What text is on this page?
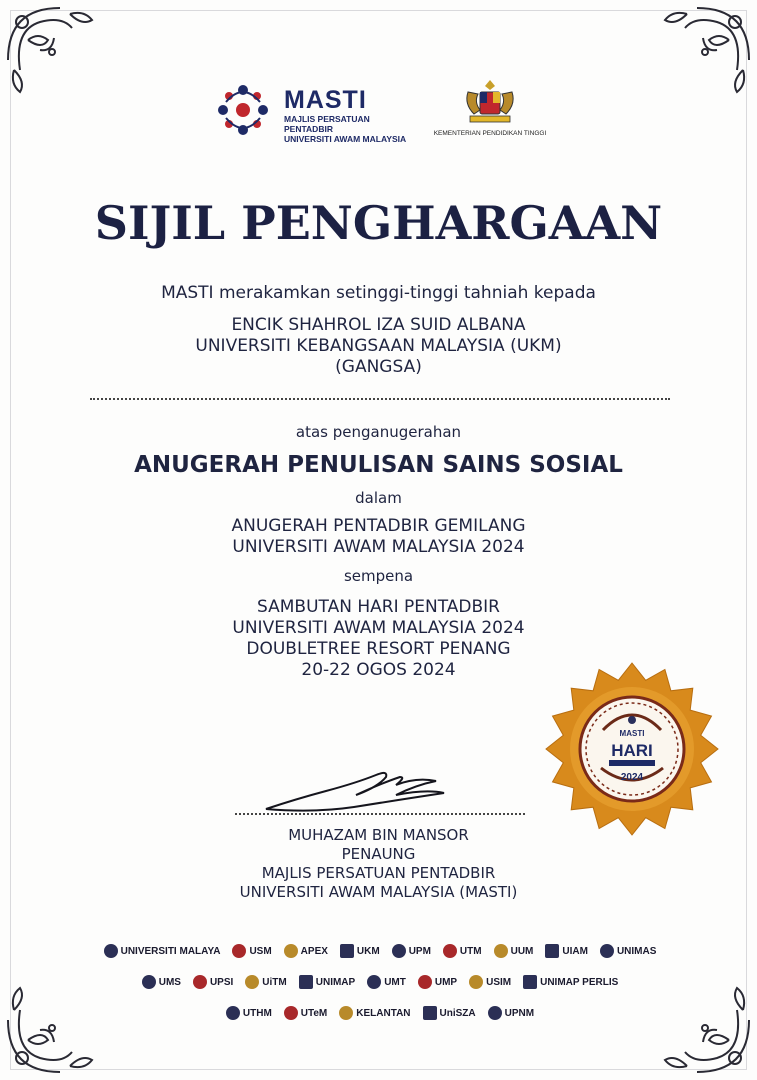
MASTI
MAJLIS PERSATUAN PENTADBIR
UNIVERSITI AWAM MALAYSIA
KEMENTERIAN PENDIDIKAN TINGGI
SIJIL PENGHARGAAN
MASTI merakamkan setinggi-tinggi tahniah kepada
ENCIK SHAHROL IZA SUID ALBANA
UNIVERSITI KEBANGSAAN MALAYSIA (UKM)
(GANGSA)
atas penganugerahan
ANUGERAH PENULISAN SAINS SOSIAL
dalam
ANUGERAH PENTADBIR GEMILANG
UNIVERSITI AWAM MALAYSIA 2024
sempena
SAMBUTAN HARI PENTADBIR
UNIVERSITI AWAM MALAYSIA 2024
DOUBLETREE RESORT PENANG
20-22 OGOS 2024
MASTI
HARI
2024
MUHAZAM BIN MANSOR
PENAUNG
MAJLIS PERSATUAN PENTADBIR
UNIVERSITI AWAM MALAYSIA (MASTI)
UNIVERSITI MALAYA	USM	APEX	UKM	UPM	UTM	UUM	UIAM	UNIMAS
UMS	UPSI	UiTM	UNIMAP	UMT	UMP	USIM	UNIMAP PERLIS
UTHM	UTeM	KELANTAN	UniSZA	UPNM
